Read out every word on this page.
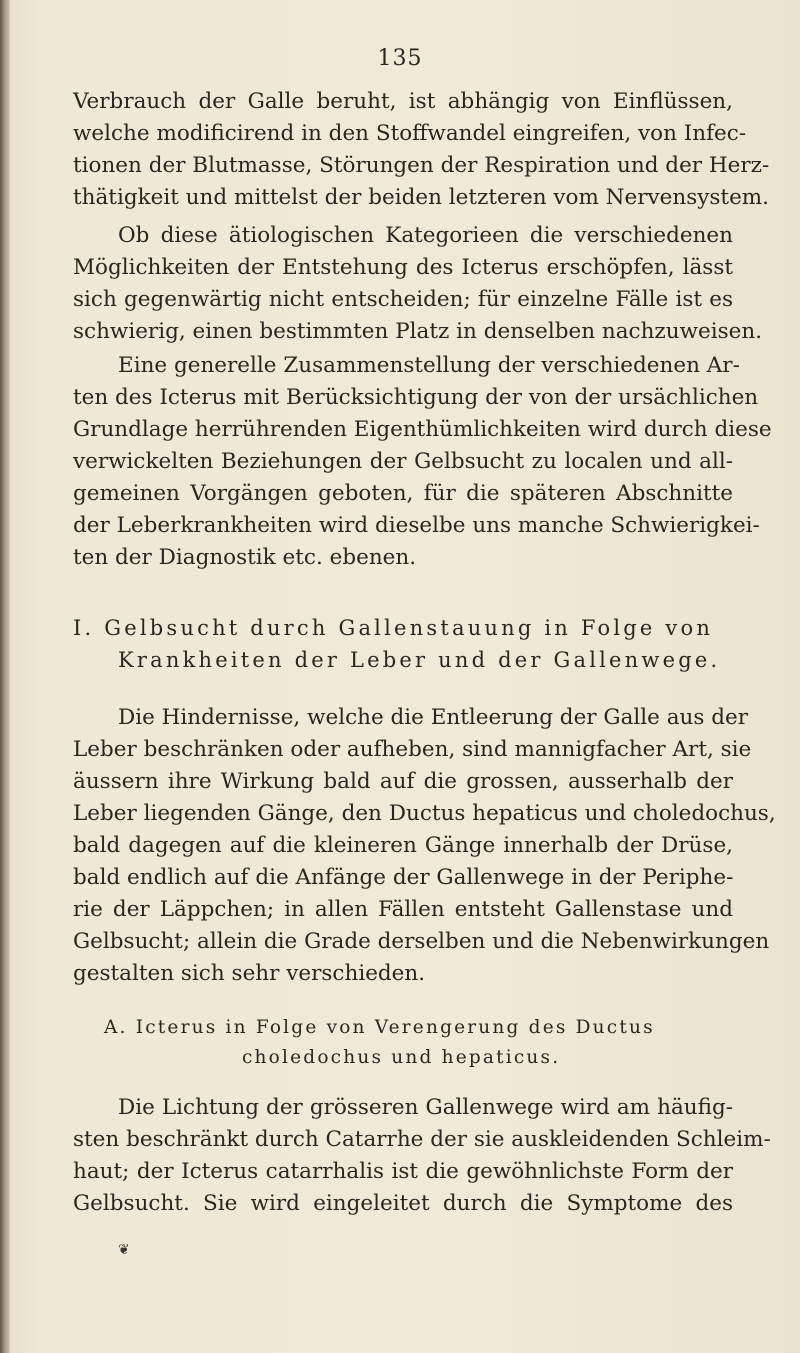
135
Verbrauch der Galle beruht, ist abhängig von Einflüssen,
welche modificirend in den Stoffwandel eingreifen, von Infec-
tionen der Blutmasse, Störungen der Respiration und der Herz-
thätigkeit und mittelst der beiden letzteren vom Nervensystem.
Ob diese ätiologischen Kategorieen die verschiedenen
Möglichkeiten der Entstehung des Icterus erschöpfen, lässt
sich gegenwärtig nicht entscheiden; für einzelne Fälle ist es
schwierig, einen bestimmten Platz in denselben nachzuweisen.
Eine generelle Zusammenstellung der verschiedenen Ar-
ten des Icterus mit Berücksichtigung der von der ursächlichen
Grundlage herrührenden Eigenthümlichkeiten wird durch diese
verwickelten Beziehungen der Gelbsucht zu localen und all-
gemeinen Vorgängen geboten, für die späteren Abschnitte
der Leberkrankheiten wird dieselbe uns manche Schwierigkei-
ten der Diagnostik etc. ebenen.
I. Gelbsucht durch Gallenstauung in Folge von
Krankheiten der Leber und der Gallenwege.
Die Hindernisse, welche die Entleerung der Galle aus der
Leber beschränken oder aufheben, sind mannigfacher Art, sie
äussern ihre Wirkung bald auf die grossen, ausserhalb der
Leber liegenden Gänge, den Ductus hepaticus und choledochus,
bald dagegen auf die kleineren Gänge innerhalb der Drüse,
bald endlich auf die Anfänge der Gallenwege in der Periphe-
rie der Läppchen; in allen Fällen entsteht Gallenstase und
Gelbsucht; allein die Grade derselben und die Nebenwirkungen
gestalten sich sehr verschieden.
A. Icterus in Folge von Verengerung des Ductus
choledochus und hepaticus.
Die Lichtung der grösseren Gallenwege wird am häufig-
sten beschränkt durch Catarrhe der sie auskleidenden Schleim-
haut; der Icterus catarrhalis ist die gewöhnlichste Form der
Gelbsucht. Sie wird eingeleitet durch die Symptome des
❦
